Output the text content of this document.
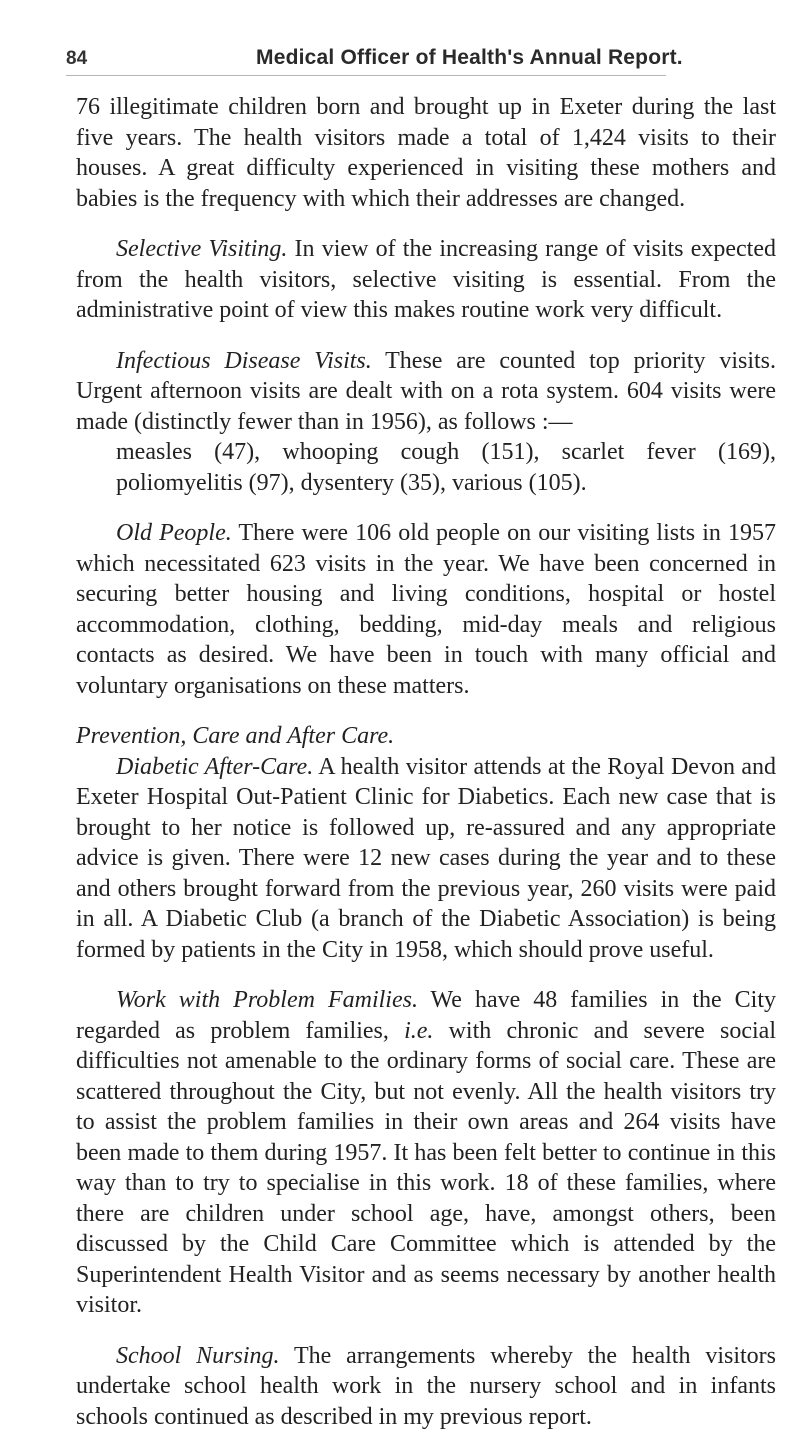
84	Medical Officer of Health's Annual Report.

76 illegitimate children born and brought up in Exeter during the last five years. The health visitors made a total of 1,424 visits to their houses. A great difficulty experienced in visiting these mothers and babies is the frequency with which their addresses are changed.

Selective Visiting. In view of the increasing range of visits expected from the health visitors, selective visiting is essential. From the administrative point of view this makes routine work very difficult.

Infectious Disease Visits. These are counted top priority visits. Urgent afternoon visits are dealt with on a rota system. 604 visits were made (distinctly fewer than in 1956), as follows :—

measles (47), whooping cough (151), scarlet fever (169), poliomyelitis (97), dysentery (35), various (105).

Old People. There were 106 old people on our visiting lists in 1957 which necessitated 623 visits in the year. We have been concerned in securing better housing and living conditions, hospital or hostel accommodation, clothing, bedding, mid-day meals and religious contacts as desired. We have been in touch with many official and voluntary organisations on these matters.

Prevention, Care and After Care.

Diabetic After-Care. A health visitor attends at the Royal Devon and Exeter Hospital Out-Patient Clinic for Diabetics. Each new case that is brought to her notice is followed up, re-assured and any appropriate advice is given. There were 12 new cases during the year and to these and others brought forward from the previous year, 260 visits were paid in all. A Diabetic Club (a branch of the Diabetic Association) is being formed by patients in the City in 1958, which should prove useful.

Work with Problem Families. We have 48 families in the City regarded as problem families, i.e. with chronic and severe social difficulties not amenable to the ordinary forms of social care. These are scattered throughout the City, but not evenly. All the health visitors try to assist the problem families in their own areas and 264 visits have been made to them during 1957. It has been felt better to continue in this way than to try to specialise in this work. 18 of these families, where there are children under school age, have, amongst others, been discussed by the Child Care Committee which is attended by the Superintendent Health Visitor and as seems necessary by another health visitor.

School Nursing. The arrangements whereby the health visitors undertake school health work in the nursery school and in infants schools continued as described in my previous report.
